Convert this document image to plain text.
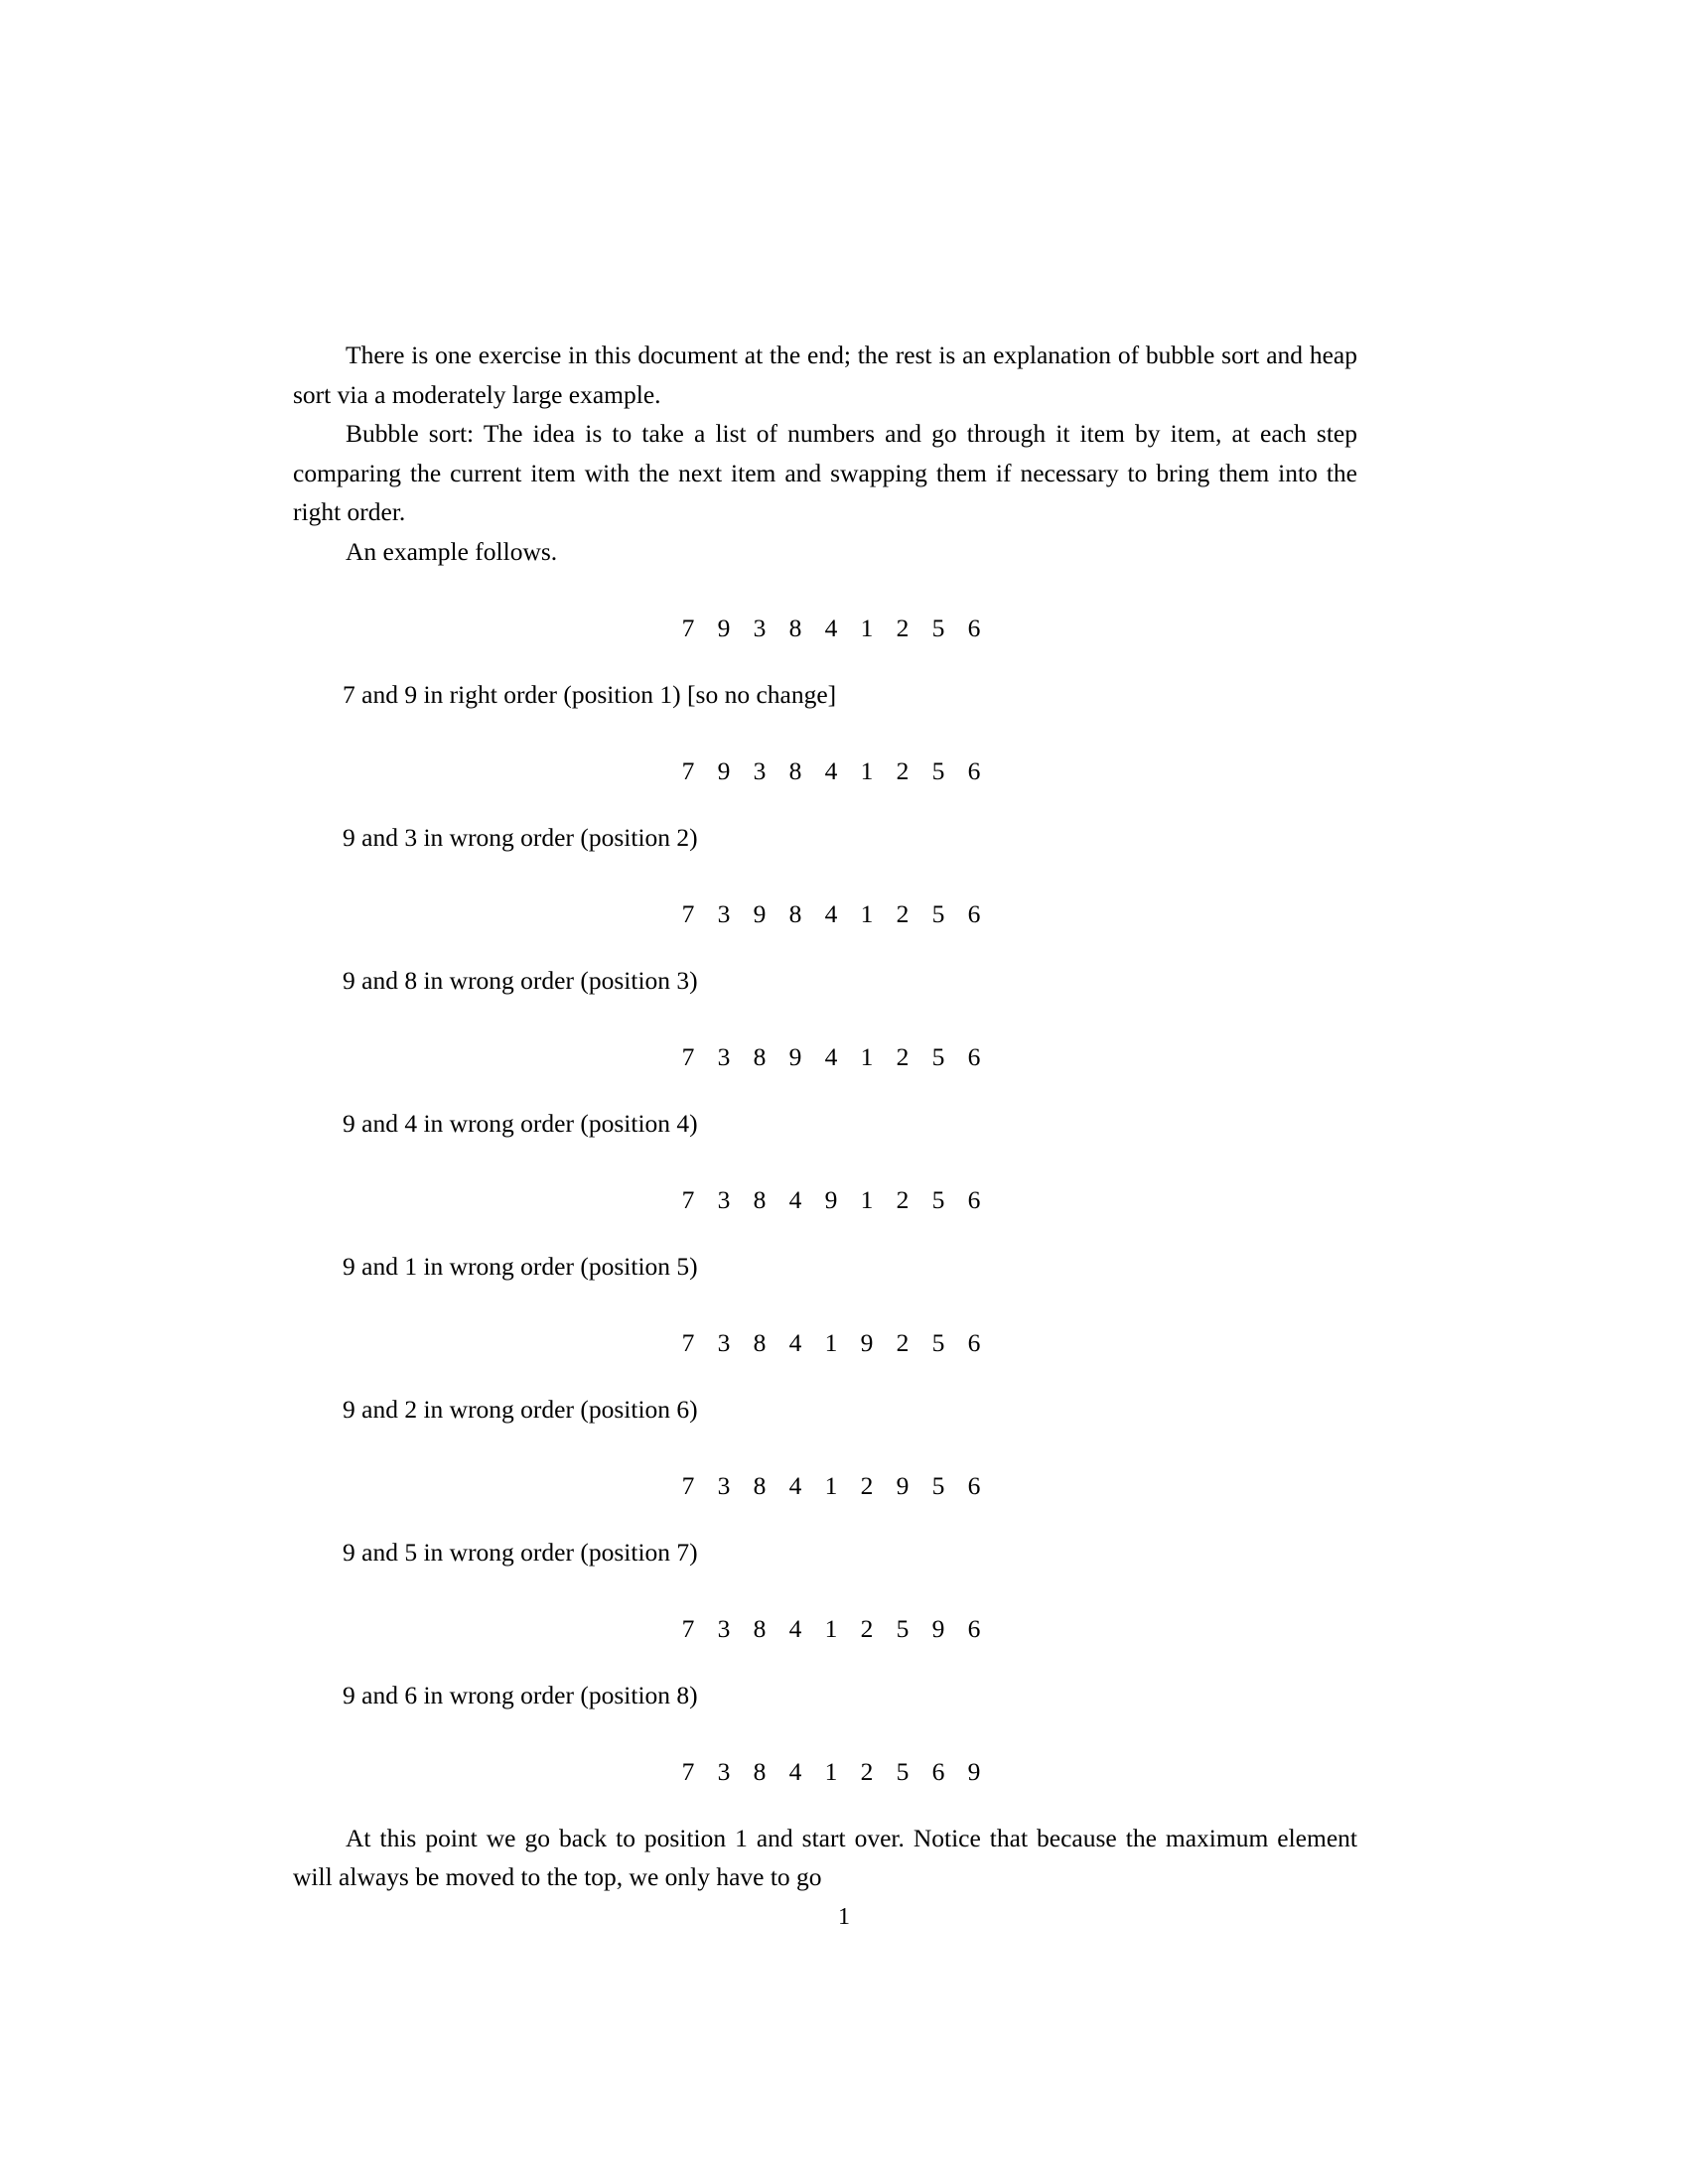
There is one exercise in this document at the end; the rest is an explanation of bubble sort and heap sort via a moderately large example.

Bubble sort: The idea is to take a list of numbers and go through it item by item, at each step comparing the current item with the next item and swapping them if necessary to bring them into the right order.

An example follows.

7 9 3 8 4 1 2 5 6
7 and 9 in right order (position 1) [so no change]
7 9 3 8 4 1 2 5 6
9 and 3 in wrong order (position 2)
7 3 9 8 4 1 2 5 6
9 and 8 in wrong order (position 3)
7 3 8 9 4 1 2 5 6
9 and 4 in wrong order (position 4)
7 3 8 4 9 1 2 5 6
9 and 1 in wrong order (position 5)
7 3 8 4 1 9 2 5 6
9 and 2 in wrong order (position 6)
7 3 8 4 1 2 9 5 6
9 and 5 in wrong order (position 7)
7 3 8 4 1 2 5 9 6
9 and 6 in wrong order (position 8)
7 3 8 4 1 2 5 6 9

At this point we go back to position 1 and start over. Notice that because the maximum element will always be moved to the top, we only have to go

1
